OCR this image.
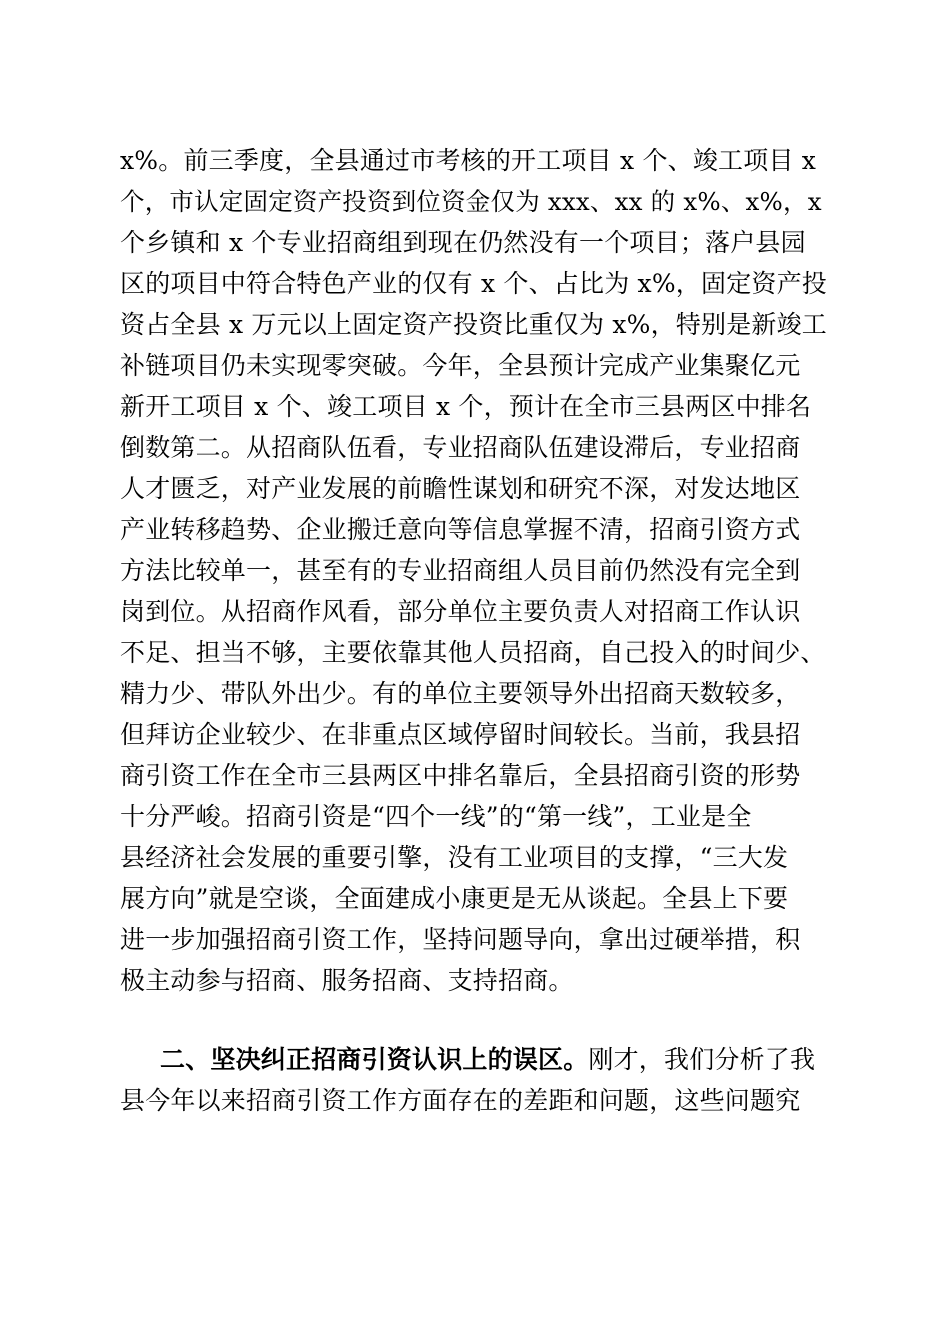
x%。前三季度，全县通过市考核的开工项目 x 个、竣工项目 x
个，市认定固定资产投资到位资金仅为 xxx、xx 的 x%、x%，x
个乡镇和 x 个专业招商组到现在仍然没有一个项目；落户县园
区的项目中符合特色产业的仅有 x 个、占比为 x%，固定资产投
资占全县 x 万元以上固定资产投资比重仅为 x%，特别是新竣工
补链项目仍未实现零突破。今年，全县预计完成产业集聚亿元
新开工项目 x 个、竣工项目 x 个，预计在全市三县两区中排名
倒数第二。从招商队伍看，专业招商队伍建设滞后，专业招商
人才匮乏，对产业发展的前瞻性谋划和研究不深，对发达地区
产业转移趋势、企业搬迁意向等信息掌握不清，招商引资方式
方法比较单一，甚至有的专业招商组人员目前仍然没有完全到
岗到位。从招商作风看，部分单位主要负责人对招商工作认识
不足、担当不够，主要依靠其他人员招商，自己投入的时间少、
精力少、带队外出少。有的单位主要领导外出招商天数较多，
但拜访企业较少、在非重点区域停留时间较长。当前，我县招
商引资工作在全市三县两区中排名靠后，全县招商引资的形势
十分严峻。招商引资是“四个一线”的“第一线”，工业是全
县经济社会发展的重要引擎，没有工业项目的支撑，“三大发
展方向”就是空谈，全面建成小康更是无从谈起。全县上下要
进一步加强招商引资工作，坚持问题导向，拿出过硬举措，积
极主动参与招商、服务招商、支持招商。
二、坚决纠正招商引资认识上的误区。刚才，我们分析了我
县今年以来招商引资工作方面存在的差距和问题，这些问题究
